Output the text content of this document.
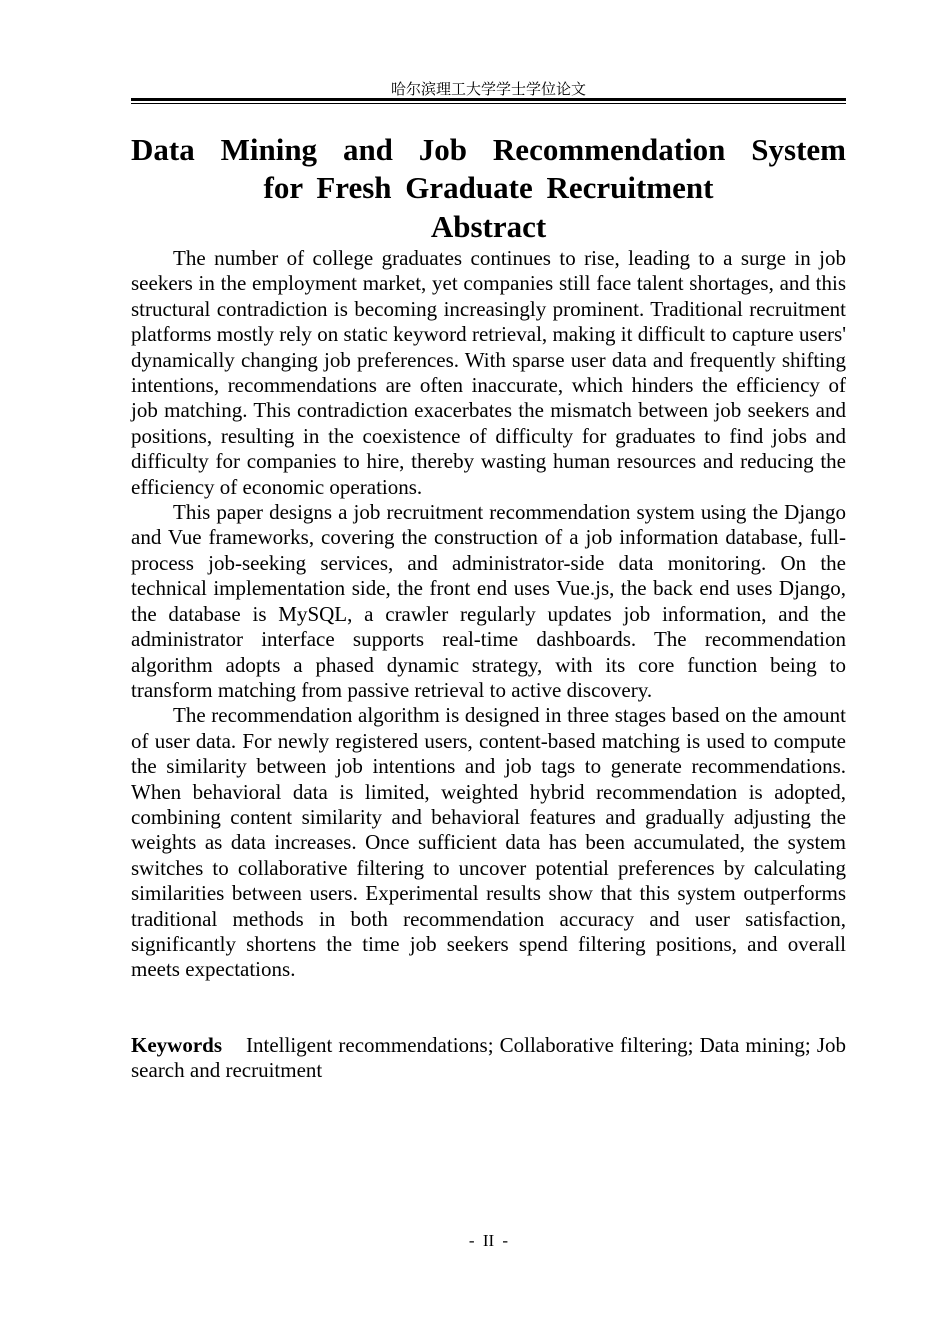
哈尔滨理工大学学士学位论文
Data Mining and Job Recommendation System
for Fresh Graduate Recruitment
Abstract

The number of college graduates continues to rise, leading to a surge in job seekers in the employment market, yet companies still face talent shortages, and this structural contradiction is becoming increasingly prominent. Traditional recruitment platforms mostly rely on static keyword retrieval, making it difficult to capture users' dynamically changing job preferences. With sparse user data and frequently shifting intentions, recommendations are often inaccurate, which hinders the efficiency of job matching. This contradiction exacerbates the mismatch between job seekers and positions, resulting in the coexistence of difficulty for graduates to find jobs and difficulty for companies to hire, thereby wasting human resources and reducing the efficiency of economic operations.

This paper designs a job recruitment recommendation system using the Django and Vue frameworks, covering the construction of a job information database, full-process job-seeking services, and administrator-side data monitoring. On the technical implementation side, the front end uses Vue.js, the back end uses Django, the database is MySQL, a crawler regularly updates job information, and the administrator interface supports real-time dashboards. The recommendation algorithm adopts a phased dynamic strategy, with its core function being to transform matching from passive retrieval to active discovery.

The recommendation algorithm is designed in three stages based on the amount of user data. For newly registered users, content-based matching is used to compute the similarity between job intentions and job tags to generate recommendations. When behavioral data is limited, weighted hybrid recommendation is adopted, combining content similarity and behavioral features and gradually adjusting the weights as data increases. Once sufficient data has been accumulated, the system switches to collaborative filtering to uncover potential preferences by calculating similarities between users. Experimental results show that this system outperforms traditional methods in both recommendation accuracy and user satisfaction, significantly shortens the time job seekers spend filtering positions, and overall meets expectations.

Keywords Intelligent recommendations; Collaborative filtering; Data mining; Job search and recruitment

- II -
